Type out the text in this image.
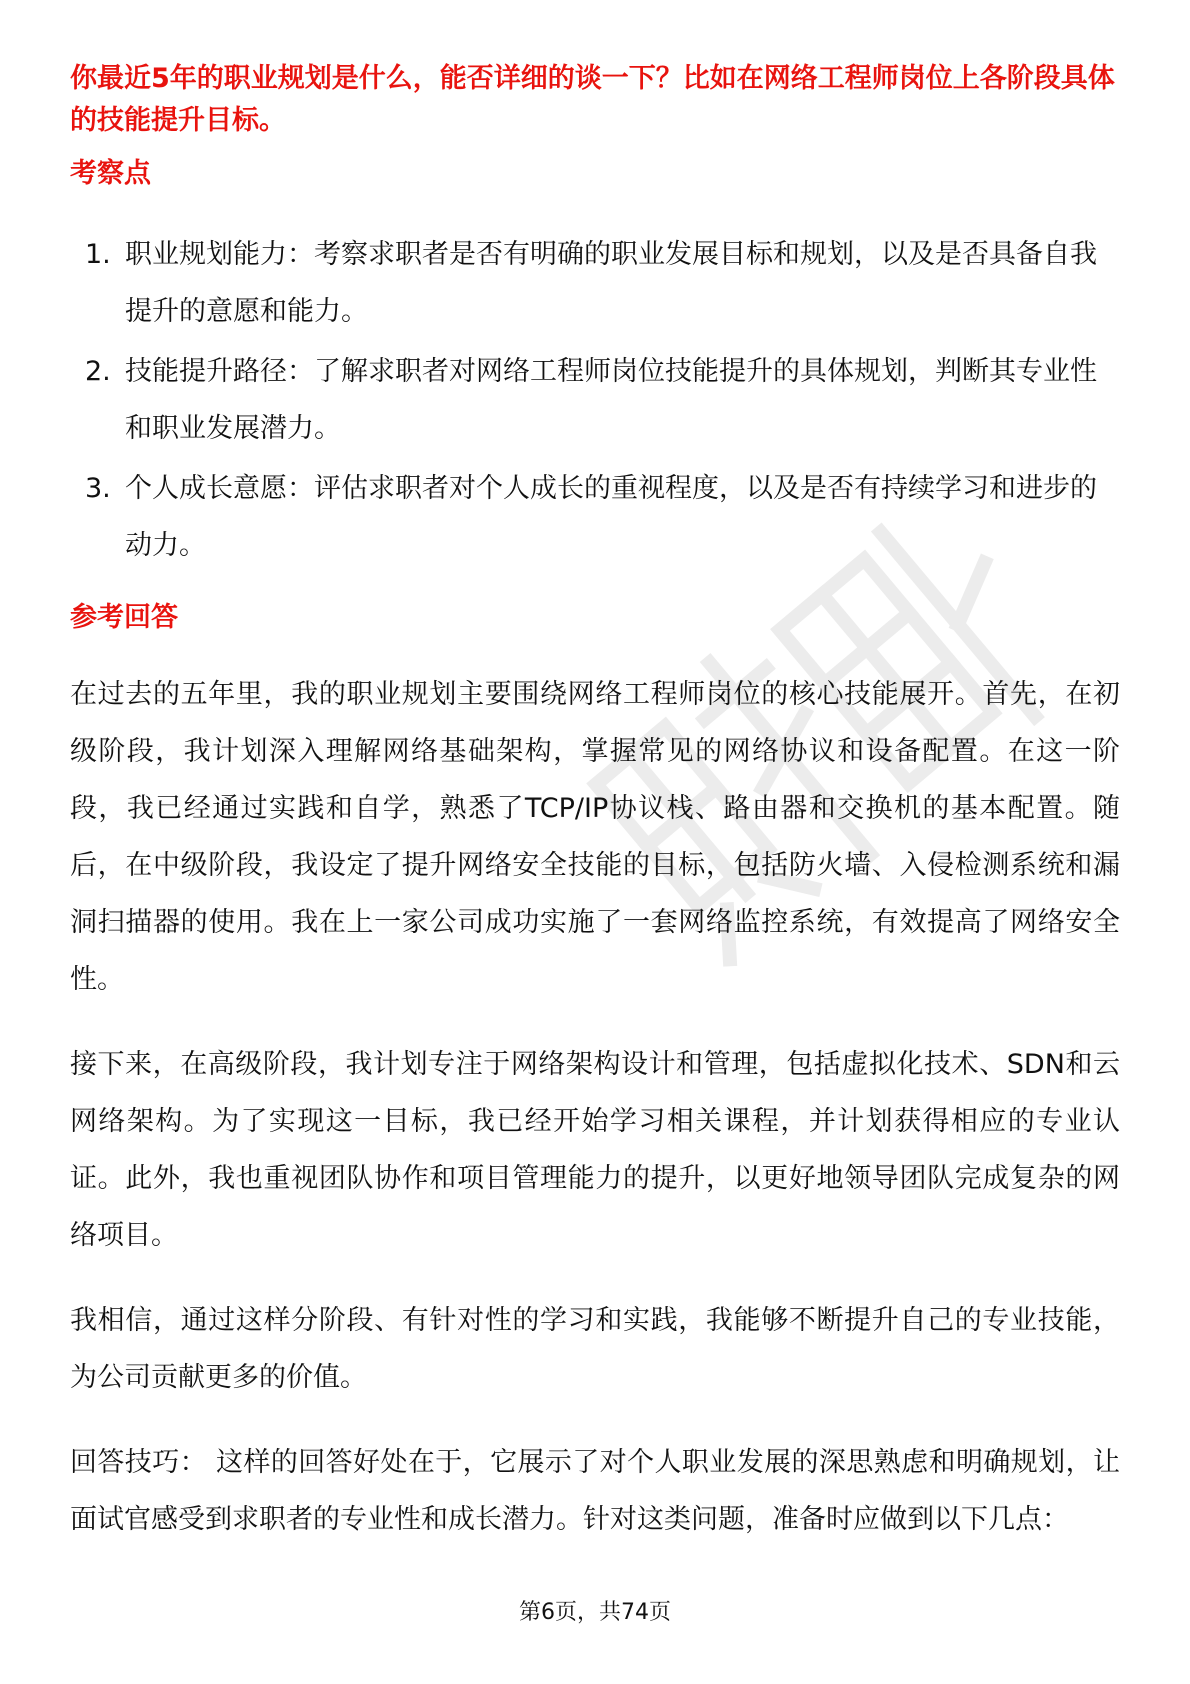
你最近5年的职业规划是什么，能否详细的谈一下？比如在网络工程师岗位上各阶段具体的技能提升目标。

考察点
1. 职业规划能力：考察求职者是否有明确的职业发展目标和规划，以及是否具备自我提升的意愿和能力。
2. 技能提升路径：了解求职者对网络工程师岗位技能提升的具体规划，判断其专业性和职业发展潜力。
3. 个人成长意愿：评估求职者对个人成长的重视程度，以及是否有持续学习和进步的动力。
参考回答

在过去的五年里，我的职业规划主要围绕网络工程师岗位的核心技能展开。首先，在初级阶段，我计划深入理解网络基础架构，掌握常见的网络协议和设备配置。在这一阶段，我已经通过实践和自学，熟悉了TCP/IP协议栈、路由器和交换机的基本配置。随后，在中级阶段，我设定了提升网络安全技能的目标，包括防火墙、入侵检测系统和漏洞扫描器的使用。我在上一家公司成功实施了一套网络监控系统，有效提高了网络安全性。

接下来，在高级阶段，我计划专注于网络架构设计和管理，包括虚拟化技术、SDN和云网络架构。为了实现这一目标，我已经开始学习相关课程，并计划获得相应的专业认证。此外，我也重视团队协作和项目管理能力的提升，以更好地领导团队完成复杂的网络项目。

我相信，通过这样分阶段、有针对性的学习和实践，我能够不断提升自己的专业技能，为公司贡献更多的价值。

回答技巧： 这样的回答好处在于，它展示了对个人职业发展的深思熟虑和明确规划，让面试官感受到求职者的专业性和成长潜力。针对这类问题，准备时应做到以下几点：

第6页，共74页
